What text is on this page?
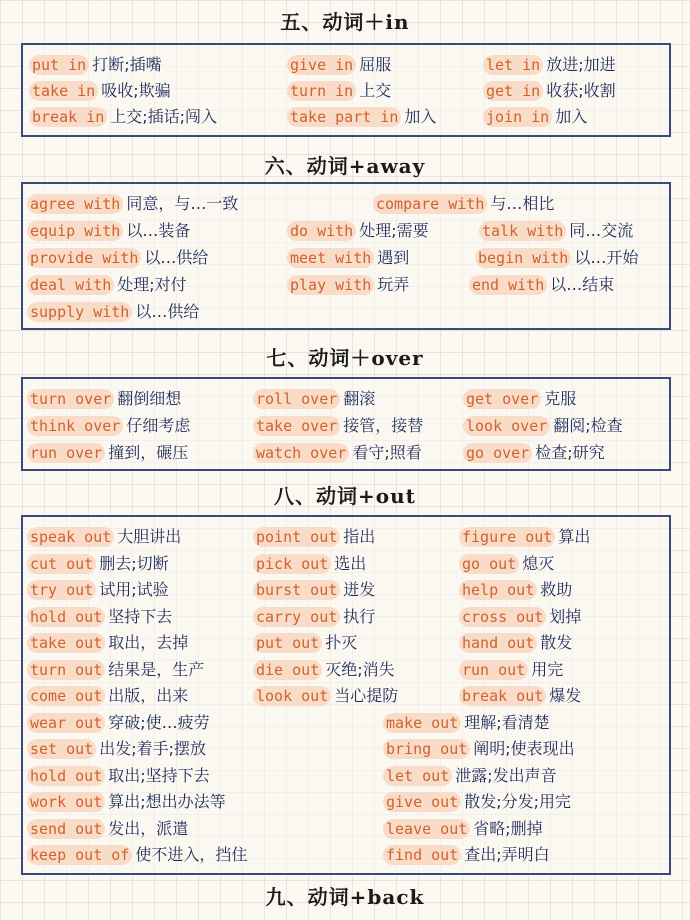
五、动词＋in
put in 打断;插嘴	give in 屈服	let in 放进;加进
take in 吸收;欺骗	turn in 上交	get in 收获;收割
break in 上交;插话;闯入	take part in 加入	join in 加入
六、动词+away
agree with 同意，与…一致	compare with 与…相比
equip with 以…装备	do with 处理;需要	talk with 同…交流
provide with 以…供给	meet with 遇到	begin with 以…开始
deal with 处理;对付	play with 玩弄	end with 以…结束
supply with 以…供给
七、动词＋over
turn over 翻倒细想	roll over 翻滚	get over 克服
think over 仔细考虑	take over 接管，接替	look over 翻阅;检查
run over 撞到，碾压	watch over 看守;照看	go over 检查;研究
八、动词+out
speak out 大胆讲出	point out 指出	figure out 算出
cut out 删去;切断	pick out 选出	go out 熄灭
try out 试用;试验	burst out 迸发	help out 救助
hold out 坚持下去	carry out 执行	cross out 划掉
take out 取出，去掉	put out 扑灭	hand out 散发
turn out 结果是，生产	die out 灭绝;消失	run out 用完
come out 出版，出来	look out 当心提防	break out 爆发
wear out 穿破;使…疲劳	make out 理解;看清楚
set out 出发;着手;摆放	bring out 阐明;使表现出
hold out 取出;坚持下去	let out 泄露;发出声音
work out 算出;想出办法等	give out 散发;分发;用完
send out 发出，派遣	leave out 省略;删掉
keep out of 使不进入，挡住	find out 查出;弄明白
九、动词+back
